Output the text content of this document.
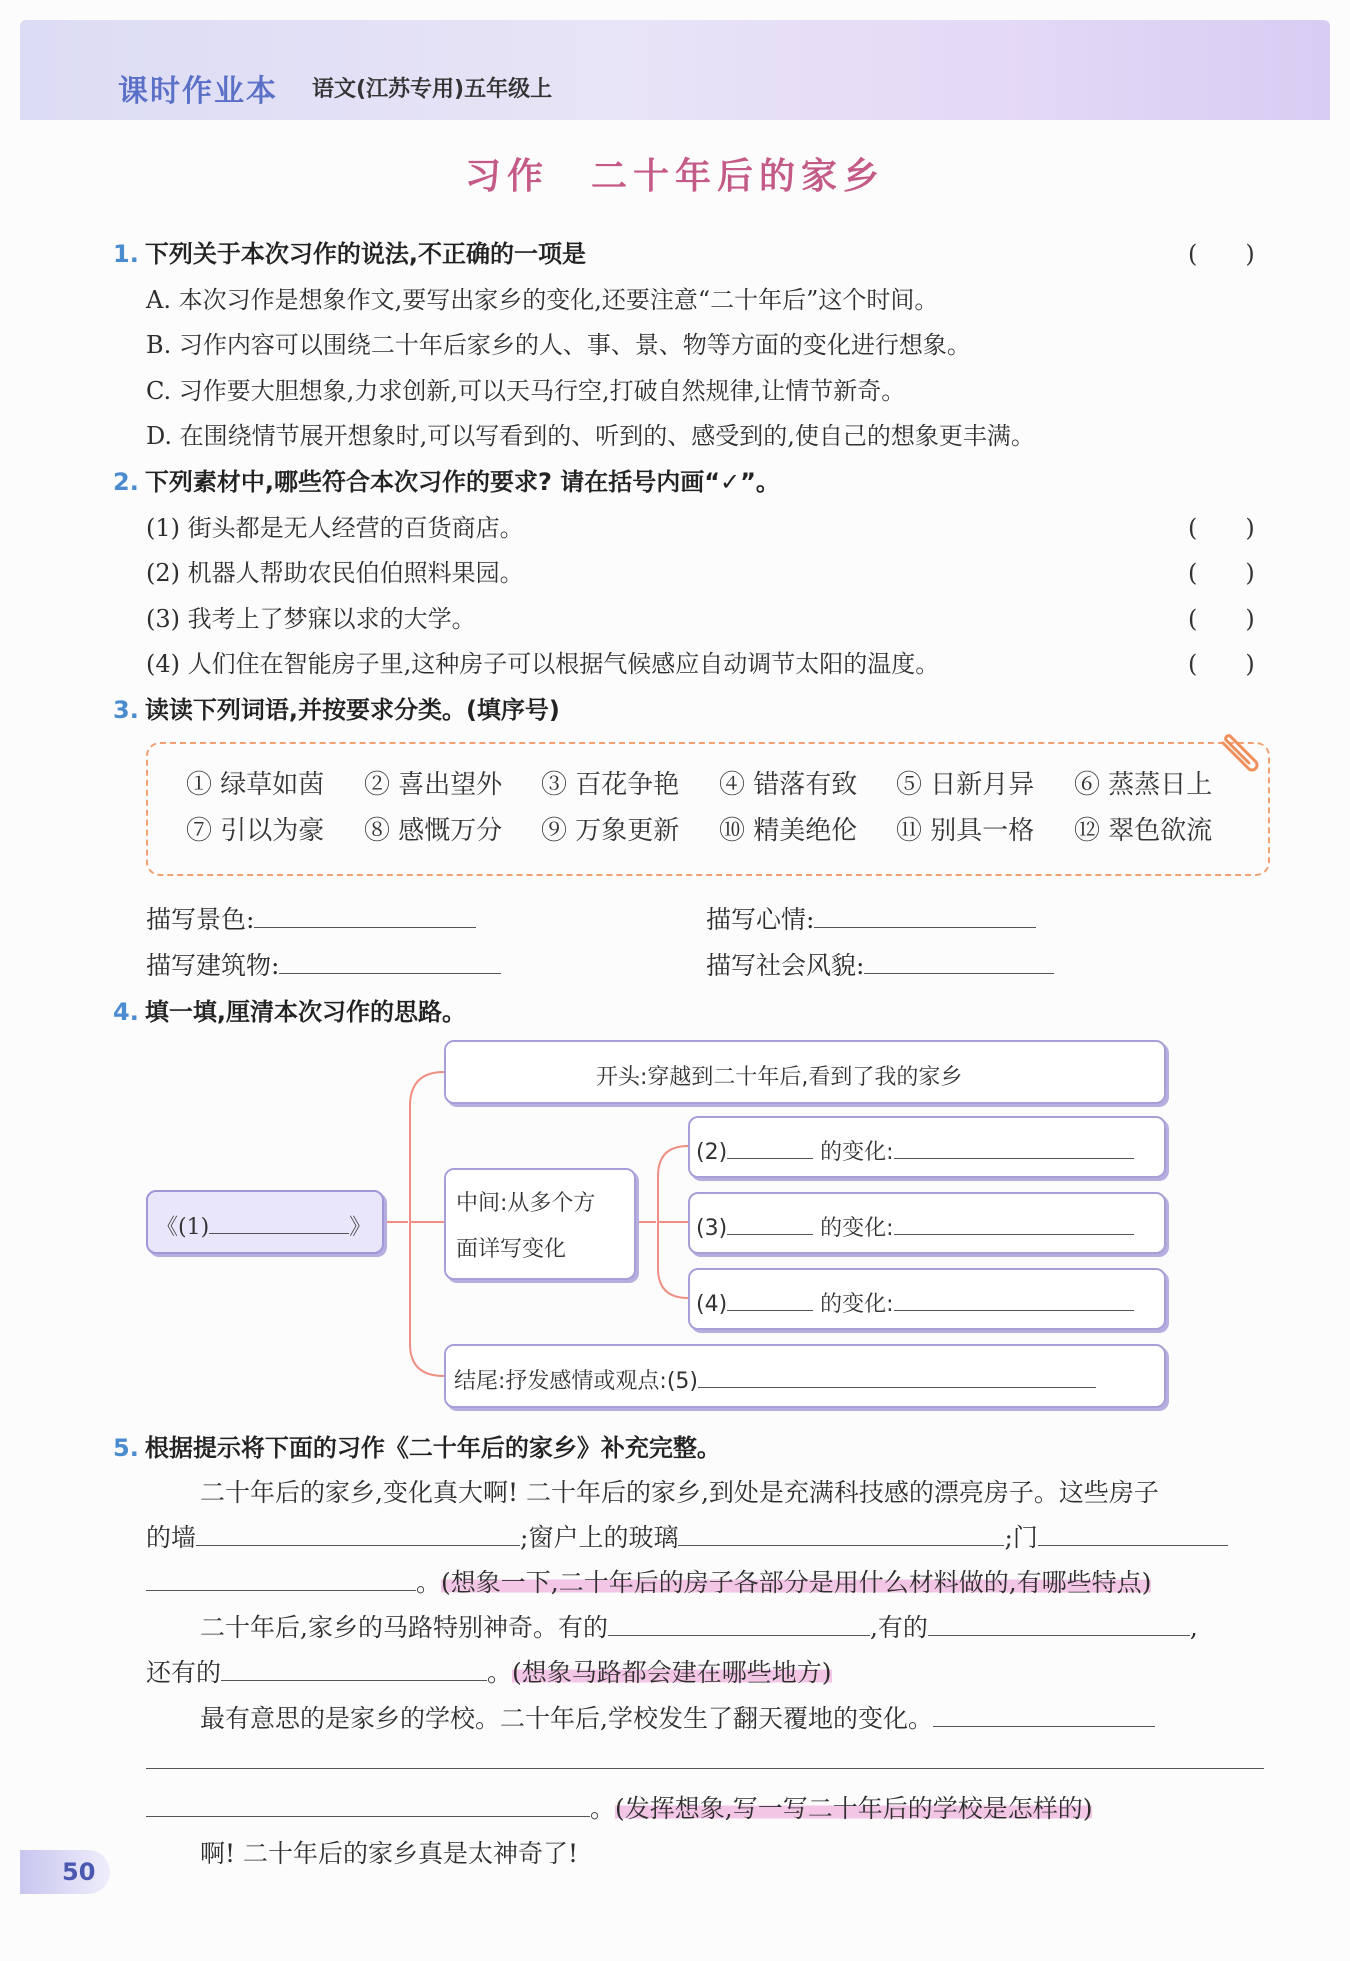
课时作业本 语文(江苏专用)五年级上
习作　二十年后的家乡
1. 下列关于本次习作的说法,不正确的一项是	(　　)
A. 本次习作是想象作文,要写出家乡的变化,还要注意“二十年后”这个时间。
B. 习作内容可以围绕二十年后家乡的人、事、景、物等方面的变化进行想象。
C. 习作要大胆想象,力求创新,可以天马行空,打破自然规律,让情节新奇。
D. 在围绕情节展开想象时,可以写看到的、听到的、感受到的,使自己的想象更丰满。
2. 下列素材中,哪些符合本次习作的要求? 请在括号内画“✓”。
(1) 街头都是无人经营的百货商店。	(　　)
(2) 机器人帮助农民伯伯照料果园。	(　　)
(3) 我考上了梦寐以求的大学。	(　　)
(4) 人们住在智能房子里,这种房子可以根据气候感应自动调节太阳的温度。	(　　)
3. 读读下列词语,并按要求分类。(填序号)
① 绿草如茵 ② 喜出望外 ③ 百花争艳 ④ 错落有致 ⑤ 日新月异 ⑥ 蒸蒸日上
⑦ 引以为豪 ⑧ 感慨万分 ⑨ 万象更新 ⑩ 精美绝伦 ⑪ 别具一格 ⑫ 翠色欲流
描写景色:	描写心情:
描写建筑物:	描写社会风貌:
4. 填一填,厘清本次习作的思路。
《(1)	》
开头:穿越到二十年后,看到了我的家乡
中间:从多个方
面详写变化
(2)	的变化:
(3)	的变化:
(4)	的变化:
结尾:抒发感情或观点:(5)
5. 根据提示将下面的习作《二十年后的家乡》补充完整。
二十年后的家乡,变化真大啊! 二十年后的家乡,到处是充满科技感的漂亮房子。这些房子
的墙	;窗户上的玻璃	;门
。(想象一下,二十年后的房子各部分是用什么材料做的,有哪些特点)
二十年后,家乡的马路特别神奇。有的	,有的	,
还有的	。(想象马路都会建在哪些地方)
最有意思的是家乡的学校。二十年后,学校发生了翻天覆地的变化。
。(发挥想象,写一写二十年后的学校是怎样的)
啊! 二十年后的家乡真是太神奇了!
50
